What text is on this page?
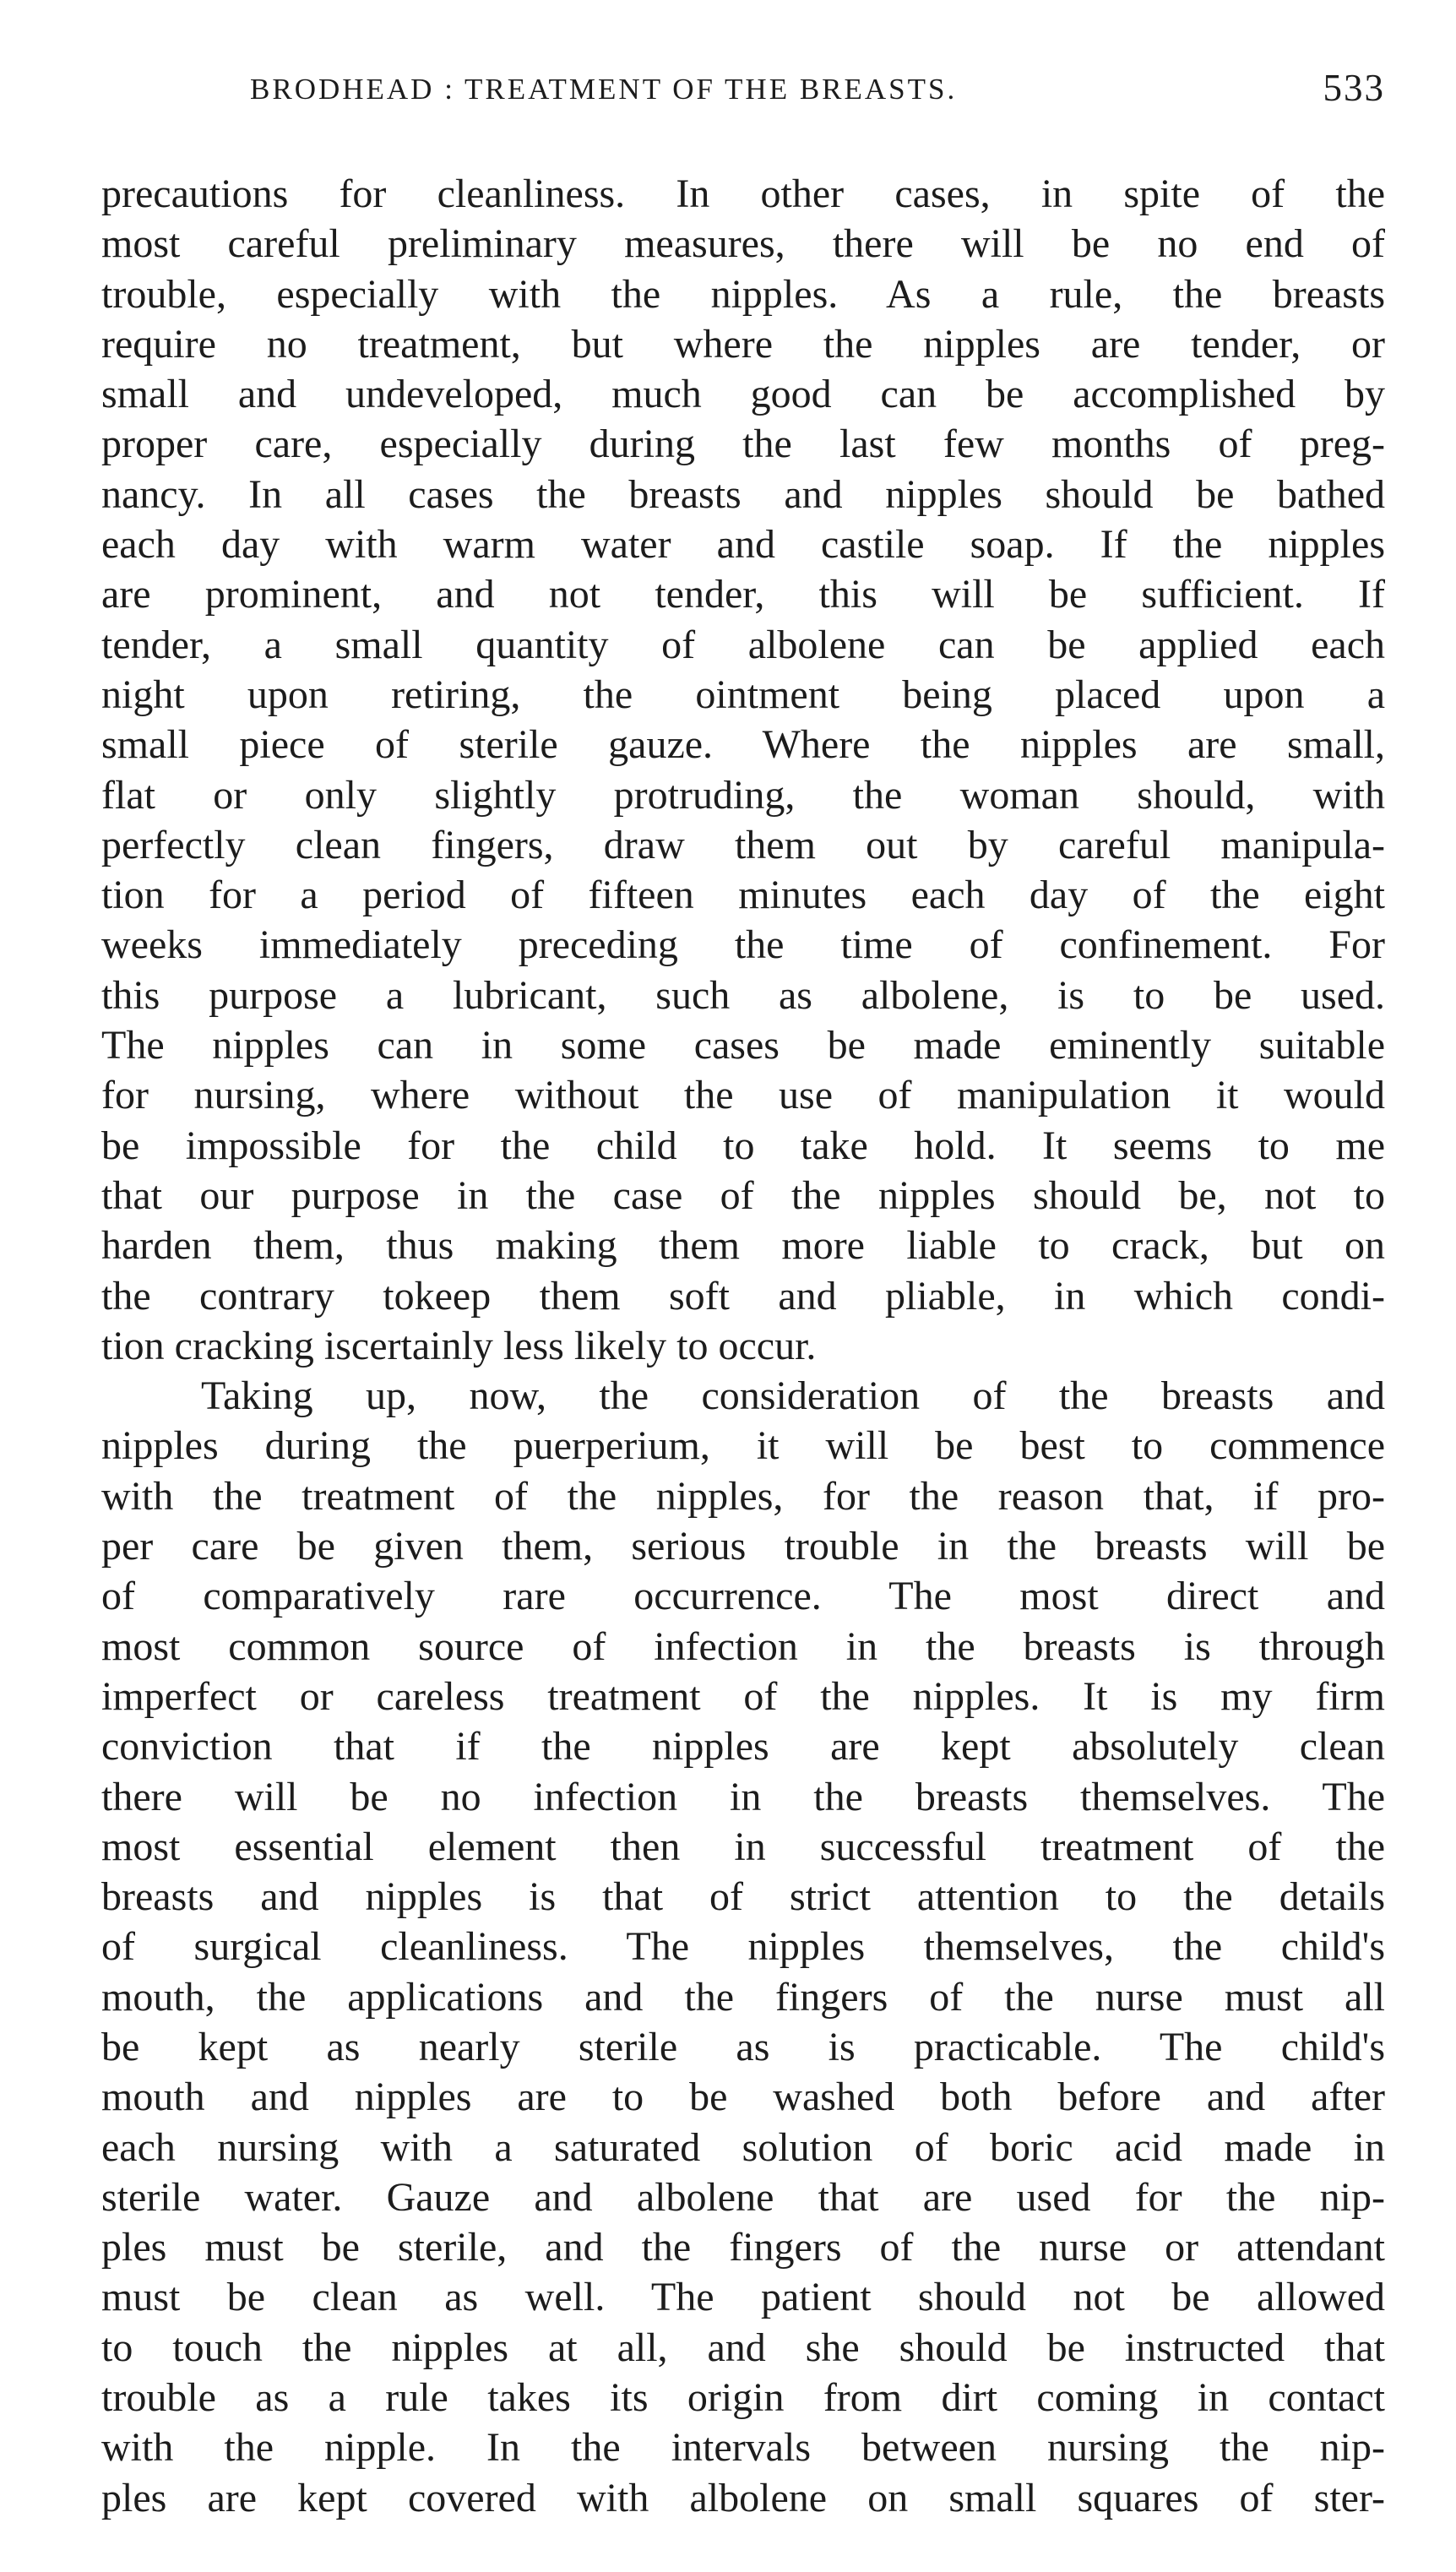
BRODHEAD : TREATMENT OF THE BREASTS.	533
precautions for cleanliness. In other cases, in spite of the
most careful preliminary measures, there will be no end of
trouble, especially with the nipples. As a rule, the breasts
require no treatment, but where the nipples are tender, or
small and undeveloped, much good can be accomplished by
proper care, especially during the last few months of preg-
nancy. In all cases the breasts and nipples should be bathed
each day with warm water and castile soap. If the nipples
are prominent, and not tender, this will be sufficient. If
tender, a small quantity of albolene can be applied each
night upon retiring, the ointment being placed upon a
small piece of sterile gauze. Where the nipples are small,
flat or only slightly protruding, the woman should, with
perfectly clean fingers, draw them out by careful manipula-
tion for a period of fifteen minutes each day of the eight
weeks immediately preceding the time of confinement. For
this purpose a lubricant, such as albolene, is to be used.
The nipples can in some cases be made eminently suitable
for nursing, where without the use of manipulation it would
be impossible for the child to take hold. It seems to me
that our purpose in the case of the nipples should be, not to
harden them, thus making them more liable to crack, but on
the contrary tokeep them soft and pliable, in which condi-
tion cracking iscertainly less likely to occur.
Taking up, now, the consideration of the breasts and
nipples during the puerperium, it will be best to commence
with the treatment of the nipples, for the reason that, if pro-
per care be given them, serious trouble in the breasts will be
of comparatively rare occurrence. The most direct and
most common source of infection in the breasts is through
imperfect or careless treatment of the nipples. It is my firm
conviction that if the nipples are kept absolutely clean
there will be no infection in the breasts themselves. The
most essential element then in successful treatment of the
breasts and nipples is that of strict attention to the details
of surgical cleanliness. The nipples themselves, the child's
mouth, the applications and the fingers of the nurse must all
be kept as nearly sterile as is practicable. The child's
mouth and nipples are to be washed both before and after
each nursing with a saturated solution of boric acid made in
sterile water. Gauze and albolene that are used for the nip-
ples must be sterile, and the fingers of the nurse or attendant
must be clean as well. The patient should not be allowed
to touch the nipples at all, and she should be instructed that
trouble as a rule takes its origin from dirt coming in contact
with the nipple. In the intervals between nursing the nip-
ples are kept covered with albolene on small squares of ster-
